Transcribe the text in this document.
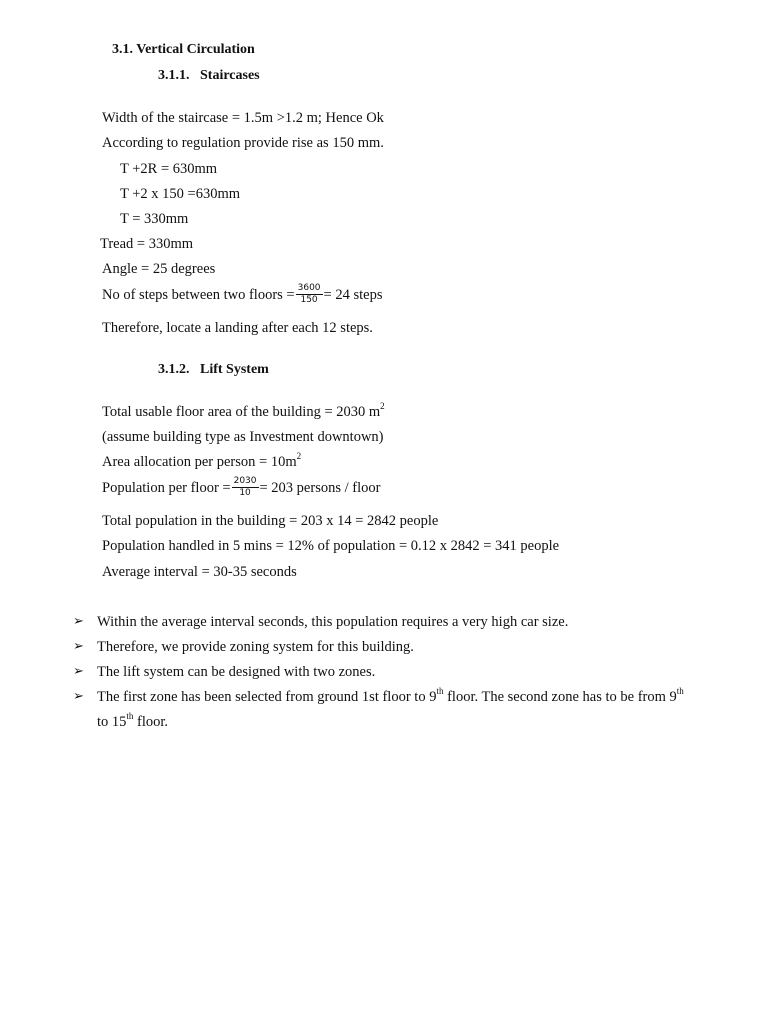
3.1. Vertical Circulation
3.1.1. Staircases
Width of the staircase = 1.5m >1.2 m; Hence Ok
According to regulation provide rise as 150 mm.
T +2R = 630mm
T +2 x 150 =630mm
T = 330mm
Tread = 330mm
Angle = 25 degrees
No of steps between two floors = $\frac{3600}{150} = 24$ steps
Therefore, locate a landing after each 12 steps.
3.1.2. Lift System
Total usable floor area of the building = 2030 $m^2$
(assume building type as Investment downtown)
Area allocation per person = $10m^2$
Population per floor = $\frac{2030}{10} = 203$ persons / floor
Total population in the building = 203 x 14 = 2842 people
Population handled in 5 mins = 12% of population = 0.12 x 2842 = 341 people
Average interval = 30-35 seconds
➢ Within the average interval seconds, this population requires a very high car size.
➢ Therefore, we provide zoning system for this building.
➢ The lift system can be designed with two zones.
➢ The first zone has been selected from ground 1st floor to 9th floor. The second zone has to be from 9th
to 15th floor.
